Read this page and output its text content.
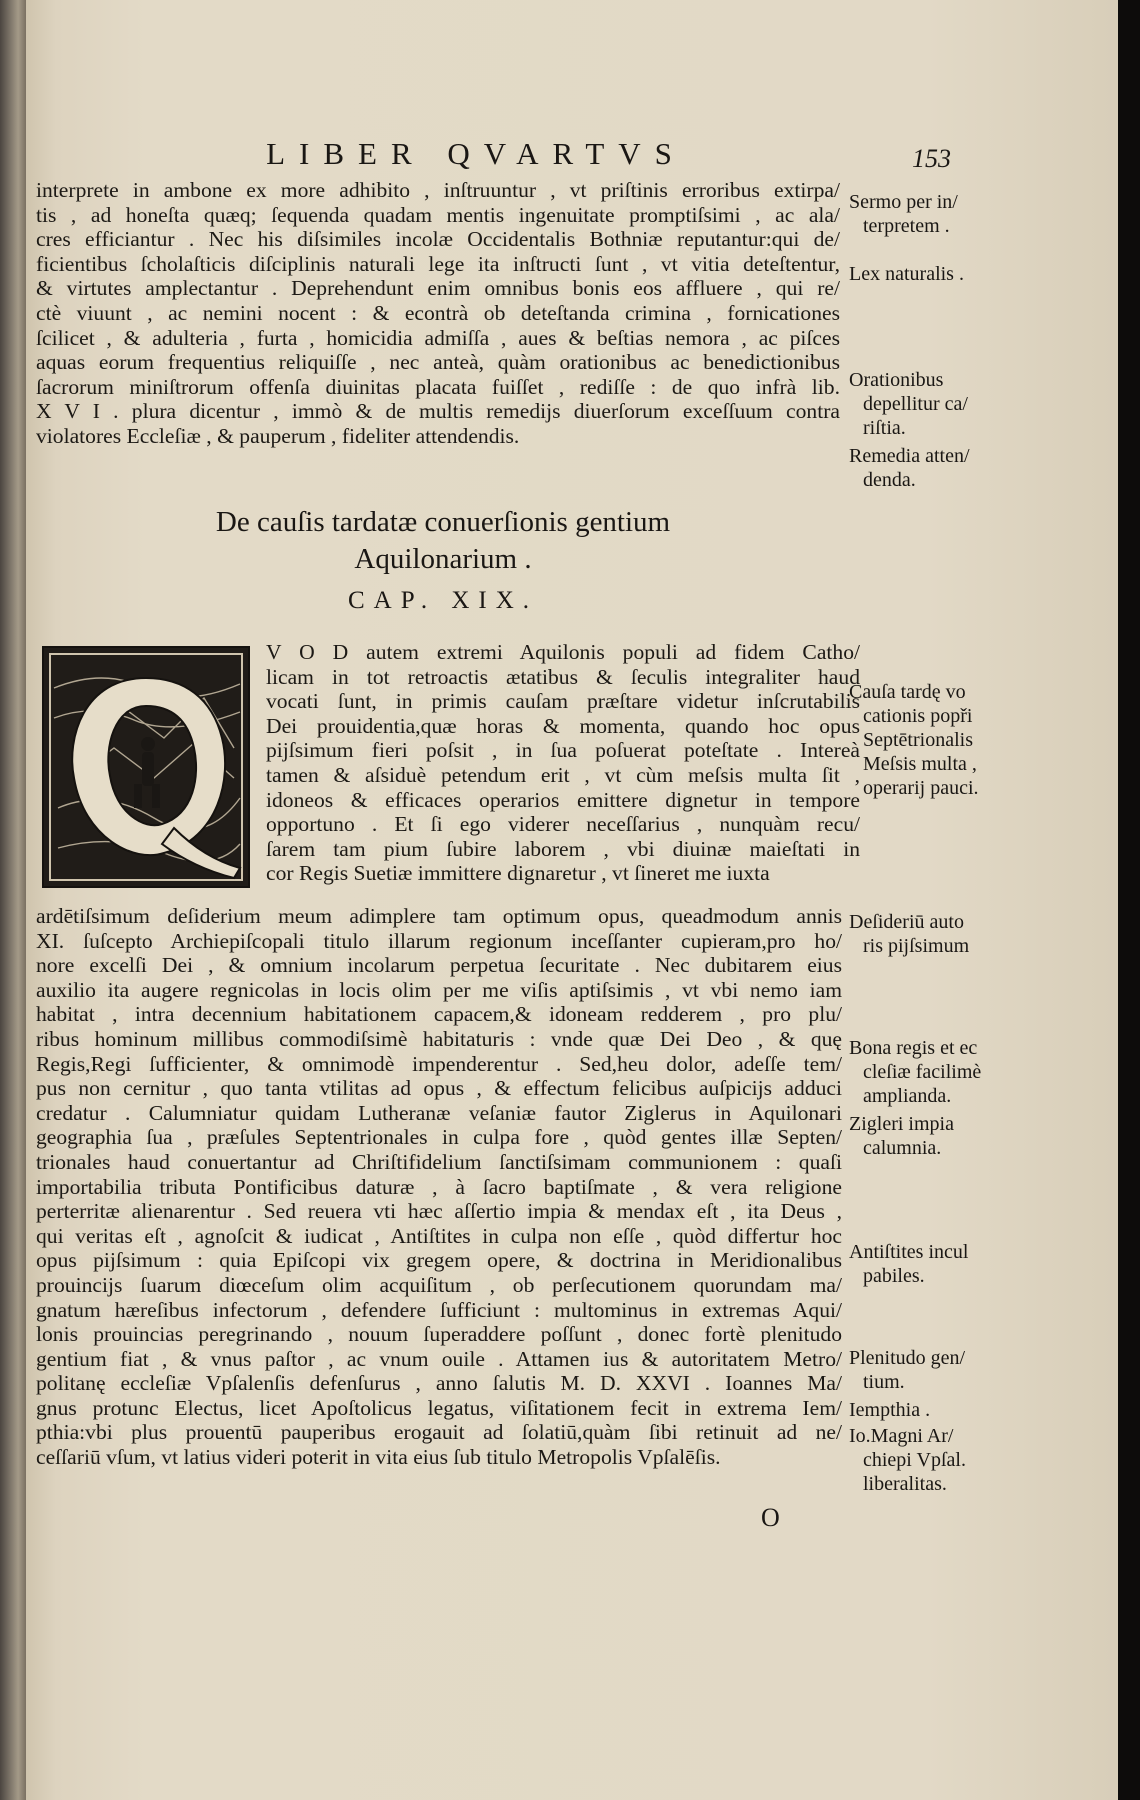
LIBER QVARTVS	153
interprete in ambone ex more adhibito , inſtruuntur , vt priſtinis erroribus extirpa/
tis , ad honeſta quæq; ſequenda quadam mentis ingenuitate promptiſsimi , ac ala/
cres efficiantur . Nec his diſsimiles incolæ Occidentalis Bothniæ reputantur:qui de/
ficientibus ſcholaſticis diſciplinis naturali lege ita inſtructi ſunt , vt vitia deteſtentur,
& virtutes amplectantur . Deprehendunt enim omnibus bonis eos affluere , qui re/
ctè viuunt , ac nemini nocent : & econtrà ob deteſtanda crimina , fornicationes
ſcilicet , & adulteria , furta , homicidia admiſſa , aues & beſtias nemora , ac piſces
aquas eorum frequentius reliquiſſe , nec anteà, quàm orationibus ac benedictionibus
ſacrorum miniſtrorum offenſa diuinitas placata fuiſſet , rediſſe : de quo infrà lib.
X V I . plura dicentur , immò & de multis remedijs diuerſorum exceſſuum contra
violatores Eccleſiæ , & pauperum , fideliter attendendis.
De cauſis tardatæ conuerſionis gentium
Aquilonarium .
CAP. XIX.
V O D autem extremi Aquilonis populi ad fidem Catho/
licam in tot retroactis ætatibus & ſeculis integraliter haud
vocati ſunt, in primis cauſam præſtare videtur inſcrutabilis
Dei prouidentia,quæ horas & momenta, quando hoc opus
pijſsimum fieri poſsit , in ſua poſuerat poteſtate . Intereà
tamen & aſsiduè petendum erit , vt cùm meſsis multa ſit ,
idoneos & efficaces operarios emittere dignetur in tempore
opportuno . Et ſi ego viderer neceſſarius , nunquàm recu/
ſarem tam pium ſubire laborem , vbi diuinæ maieſtati in
cor Regis Suetiæ immittere dignaretur , vt ſineret me iuxta
ardētiſsimum deſiderium meum adimplere tam optimum opus, queadmodum annis
XI. ſuſcepto Archiepiſcopali titulo illarum regionum inceſſanter cupieram,pro ho/
nore excelſi Dei , & omnium incolarum perpetua ſecuritate . Nec dubitarem eius
auxilio ita augere regnicolas in locis olim per me viſis aptiſsimis , vt vbi nemo iam
habitat , intra decennium habitationem capacem,& idoneam redderem , pro plu/
ribus hominum millibus commodiſsimè habitaturis : vnde quæ Dei Deo , & quę
Regis,Regi ſufficienter, & omnimodè impenderentur . Sed,heu dolor, adeſſe tem/
pus non cernitur , quo tanta vtilitas ad opus , & effectum felicibus auſpicijs adduci
credatur . Calumniatur quidam Lutheranæ veſaniæ fautor Ziglerus in Aquilonari
geographia ſua , præſules Septentrionales in culpa fore , quòd gentes illæ Septen/
trionales haud conuertantur ad Chriſtifidelium ſanctiſsimam communionem : quaſi
importabilia tributa Pontificibus daturæ , à ſacro baptiſmate , & vera religione
perterritæ alienarentur . Sed reuera vti hæc aſſertio impia & mendax eſt , ita Deus ,
qui veritas eſt , agnoſcit & iudicat , Antiſtites in culpa non eſſe , quòd differtur hoc
opus pijſsimum : quia Epiſcopi vix gregem opere, & doctrina in Meridionalibus
prouincijs ſuarum diœceſum olim acquiſitum , ob perſecutionem quorundam ma/
gnatum hæreſibus infectorum , defendere ſufficiunt : multominus in extremas Aqui/
lonis prouincias peregrinando , nouum ſuperaddere poſſunt , donec fortè plenitudo
gentium fiat , & vnus paſtor , ac vnum ouile . Attamen ius & autoritatem Metro/
politanę eccleſiæ Vpſalenſis defenſurus , anno ſalutis M. D. XXVI . Ioannes Ma/
gnus protunc Electus, licet Apoſtolicus legatus, viſitationem fecit in extrema Iem/
pthia:vbi plus prouentū pauperibus erogauit ad ſolatiū,quàm ſibi retinuit ad ne/
ceſſariū vſum, vt latius videri poterit in vita eius ſub titulo Metropolis Vpſalēſis.
O
Sermo per in/
terpretem .
Lex naturalis .
Orationibus
depellitur ca/
riſtia.
Remedia atten/
denda.
Cauſa tardę vo
cationis popři
Septētrionalis
Meſsis multa ,
operarij pauci.
Deſideriū auto
ris pijſsimum
Bona regis et ec
cleſiæ facilimè
amplianda.
Zigleri impia
calumnia.
Antiſtites incul
pabiles.
Plenitudo gen/
tium.
Iempthia .
Io.Magni Ar/
chiepi Vpſal.
liberalitas.
